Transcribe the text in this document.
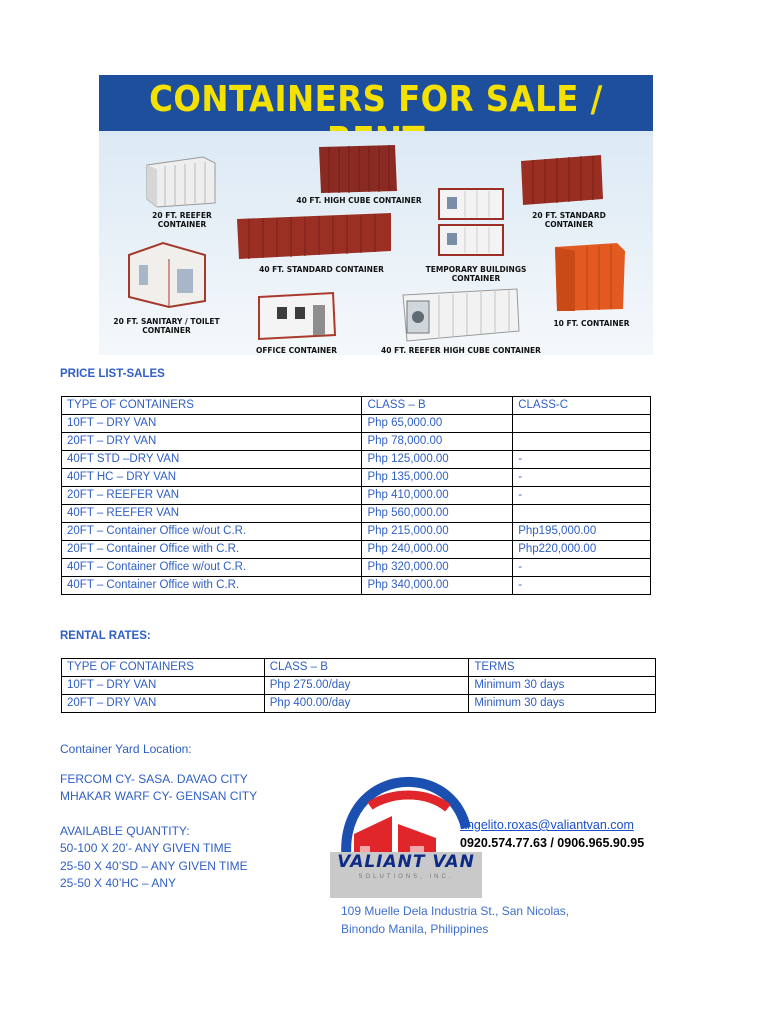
CONTAINERS FOR SALE /
20 FT. REEFER
CONTAINER
40 FT. HIGH CUBE CONTAINER
20 FT. STANDARD
CONTAINER
40 FT. STANDARD CONTAINER	TEMPORARY BUILDINGS
CONTAINER
20 FT. SANITARY / TOILET
CONTAINER
OFFICE CONTAINER	40 FT. REEFER HIGH CUBE CONTAINER
10 FT. CONTAINER
PRICE LIST-SALES
TYPE OF CONTAINERS	CLASS – B	CLASS-C
10FT – DRY VAN	Php 65,000.00	
20FT – DRY VAN	Php 78,000.00	
40FT STD –DRY VAN	Php 125,000.00	-
40FT HC – DRY VAN	Php 135,000.00	-
20FT – REEFER VAN	Php 410,000.00	-
40FT – REEFER VAN	Php 560,000.00	
20FT – Container Office w/out C.R.	Php 215,000.00	Php195,000.00
20FT – Container Office with C.R.	Php 240,000.00	Php220,000.00
40FT – Container Office w/out C.R.	Php 320,000.00	-
40FT – Container Office with C.R.	Php 340,000.00	-
RENTAL RATES:
TYPE OF CONTAINERS	CLASS – B	TERMS
10FT – DRY VAN	Php 275.00/day	Minimum 30 days
20FT – DRY VAN	Php 400.00/day	Minimum 30 days
Container Yard Location:
FERCOM CY- SASA. DAVAO CITY
MHAKAR WARF CY- GENSAN CITY
AVAILABLE QUANTITY:
50-100 X 20’- ANY GIVEN TIME
25-50 X 40’SD – ANY GIVEN TIME
25-50 X 40’HC – ANY
VALIANT VAN
SOLUTIONS, INC.
angelito.roxas@valiantvan.com
0920.574.77.63 / 0906.965.90.95
109 Muelle Dela Industria St., San Nicolas,
Binondo Manila, Philippines
